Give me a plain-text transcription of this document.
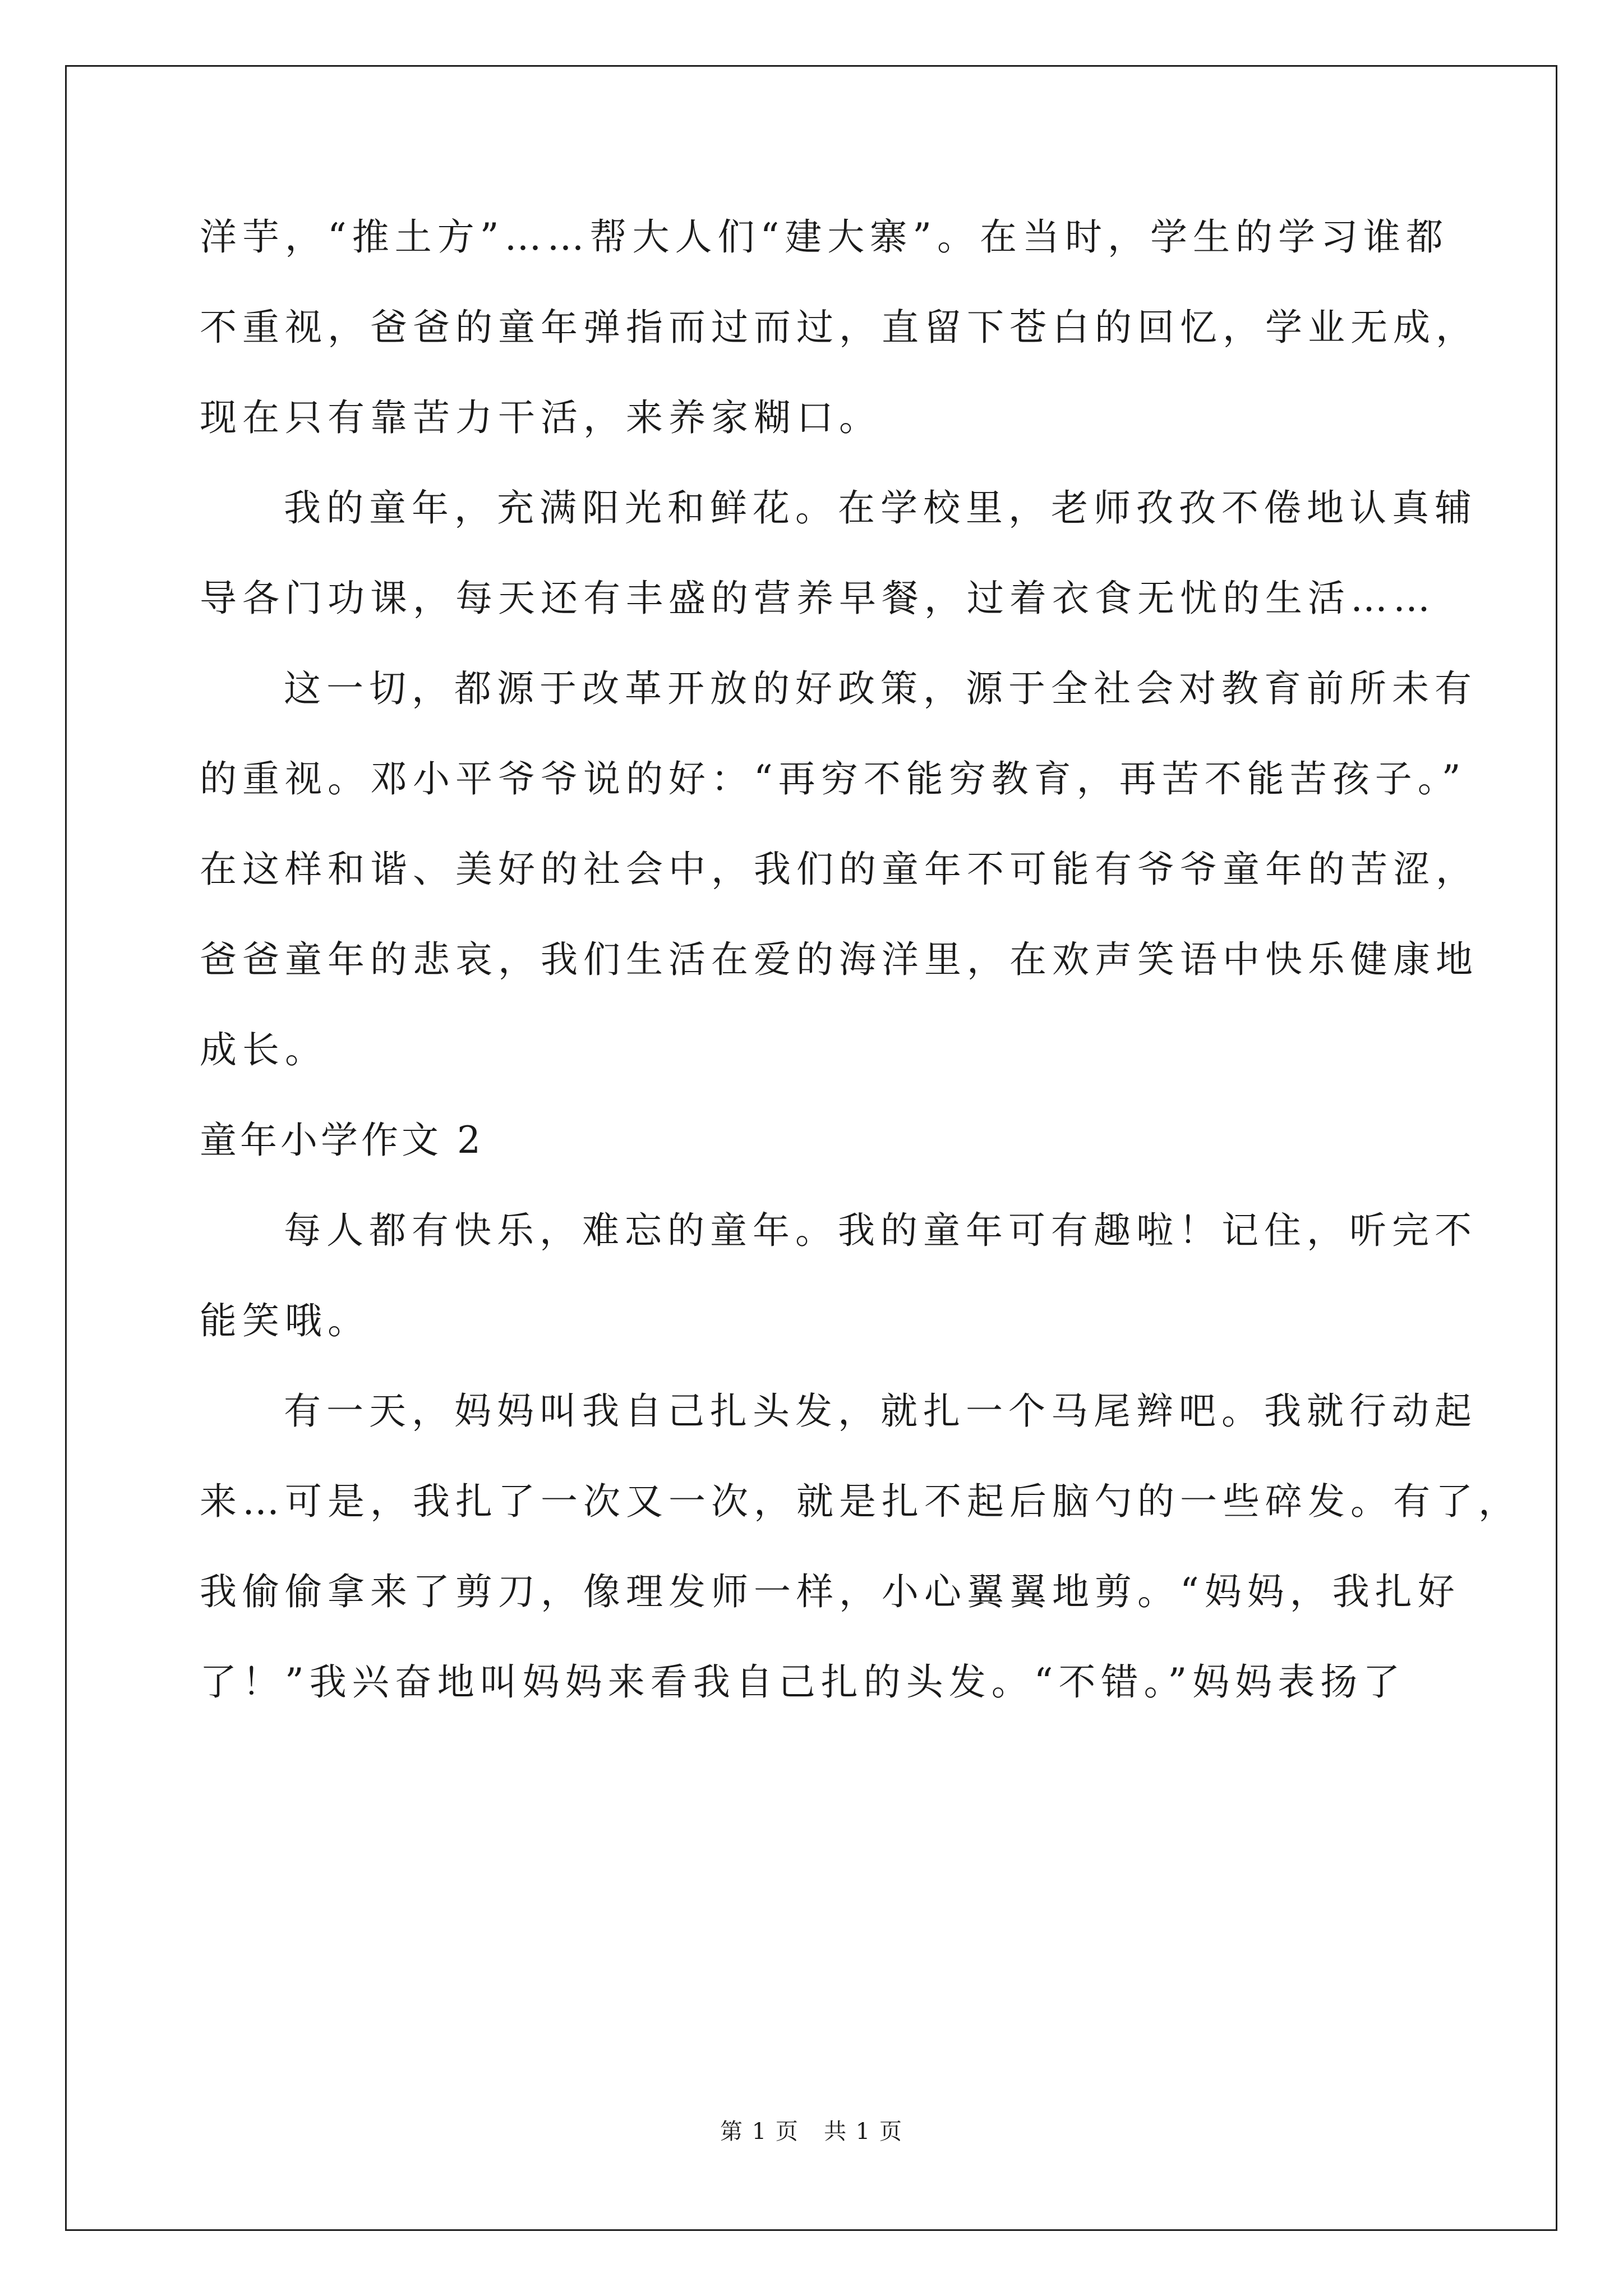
洋芋，“推土方”……帮大人们“建大寨”。在当时，学生的学习谁都
不重视，爸爸的童年弹指而过而过，直留下苍白的回忆，学业无成，
现在只有靠苦力干活，来养家糊口。
我的童年，充满阳光和鲜花。在学校里，老师孜孜不倦地认真辅
导各门功课，每天还有丰盛的营养早餐，过着衣食无忧的生活……
这一切，都源于改革开放的好政策，源于全社会对教育前所未有
的重视。邓小平爷爷说的好：“再穷不能穷教育，再苦不能苦孩子。”
在这样和谐、美好的社会中，我们的童年不可能有爷爷童年的苦涩，
爸爸童年的悲哀，我们生活在爱的海洋里，在欢声笑语中快乐健康地
成长。
童年小学作文 2
每人都有快乐，难忘的童年。我的童年可有趣啦！记住，听完不
能笑哦。
有一天，妈妈叫我自己扎头发，就扎一个马尾辫吧。我就行动起
来…可是，我扎了一次又一次，就是扎不起后脑勺的一些碎发。有了，
我偷偷拿来了剪刀，像理发师一样，小心翼翼地剪。“妈妈，我扎好
了！”我兴奋地叫妈妈来看我自己扎的头发。“不错。”妈妈表扬了
第 1 页 共 1 页
